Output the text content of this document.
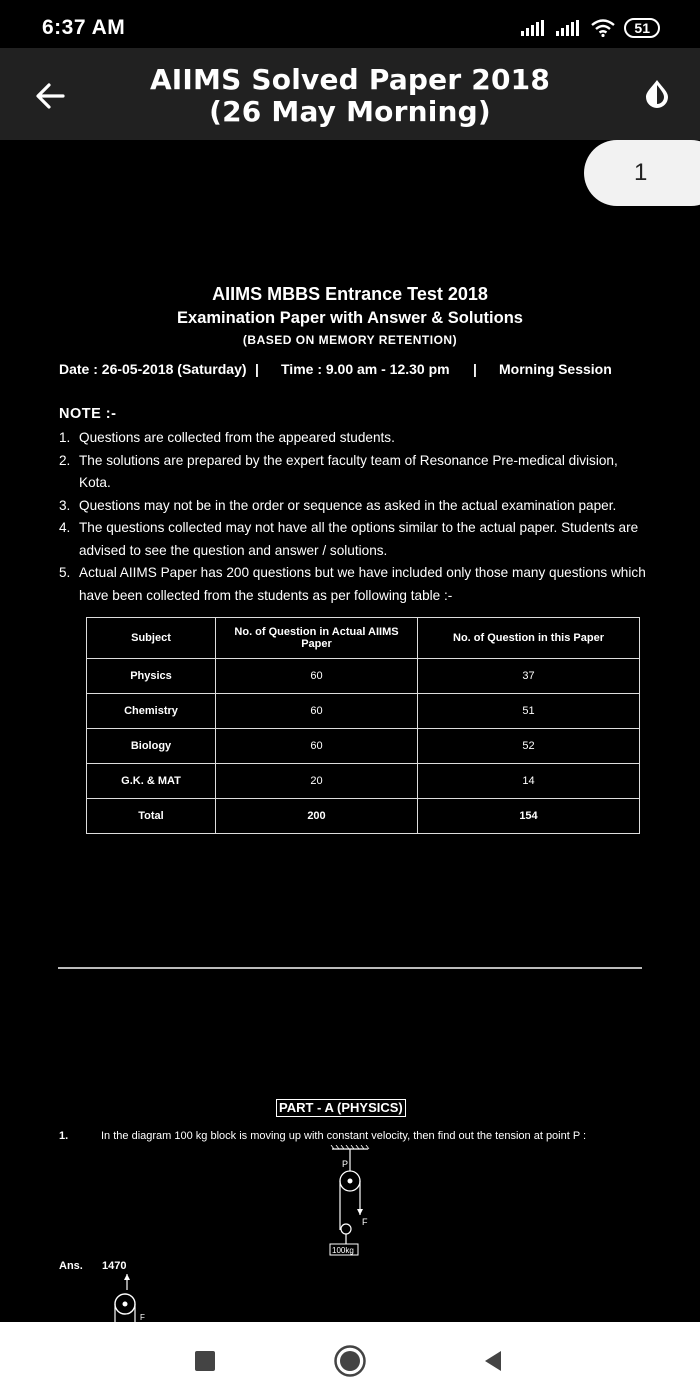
6:37 AM	51
AIIMS Solved Paper 2018 (26 May Morning)
1
AIIMS MBBS Entrance Test 2018
Examination Paper with Answer & Solutions
(BASED ON MEMORY RETENTION)
Date : 26-05-2018 (Saturday) |	Time : 9.00 am - 12.30 pm	|	Morning Session
NOTE :-
1. Questions are collected from the appeared students.
2. The solutions are prepared by the expert faculty team of Resonance Pre-medical division, Kota.
3. Questions may not be in the order or sequence as asked in the actual examination paper.
4. The questions collected may not have all the options similar to the actual paper. Students are advised to see the question and answer / solutions.
5. Actual AIIMS Paper has 200 questions but we have included only those many questions which have been collected from the students as per following table :-
Subject	No. of Question in Actual AIIMS Paper	No. of Question in this Paper
Physics	60	37
Chemistry	60	51
Biology	60	52
G.K. & MAT	20	14
Total	200	154
PART - A (PHYSICS)
1.	In the diagram 100 kg block is moving up with constant velocity, then find out the tension at point P :
P
F
100kg
Ans. 1470
F
